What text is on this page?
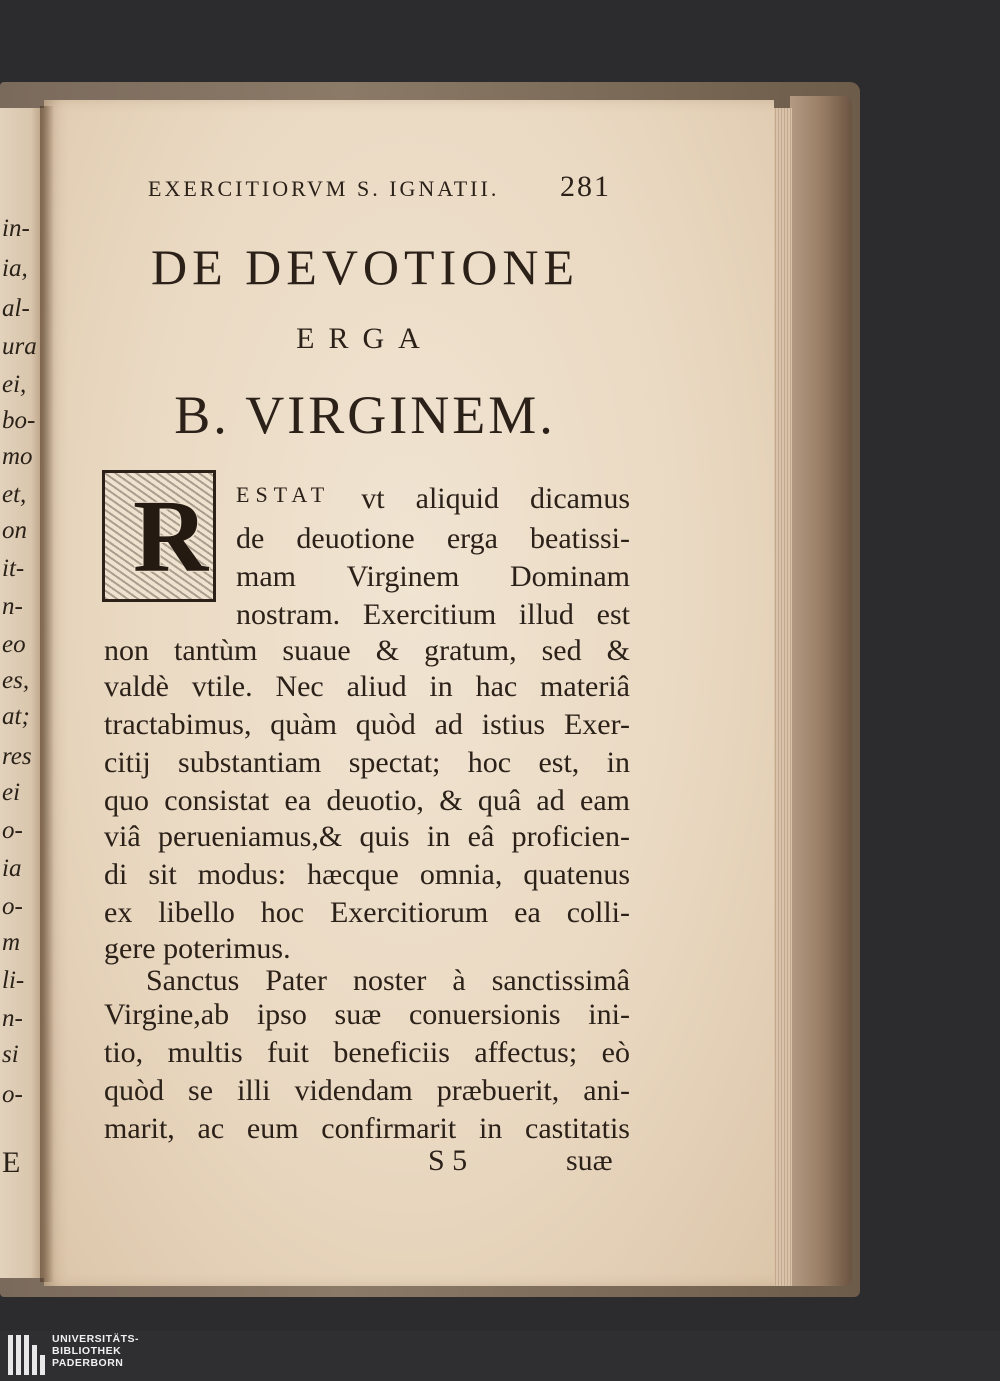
in-
ia,
al-
ura
ei,
bo-
mo
et,
on
it-
n-
eo
es,
at;
res
ei
o-
ia
o-
m
li-
n-
si
o-
E
EXERCITIORVM S. IGNATII. 281
DE DEVOTIONE
ERGA
B. VIRGINEM.
R ESTAT vt aliquid dicamus
de deuotione erga beatissi-
mam Virginem Dominam
nostram. Exercitium illud est
non tantùm suaue & gratum, sed &
valdè vtile. Nec aliud in hac materiâ
tractabimus, quàm quòd ad istius Exer-
citij substantiam spectat; hoc est, in
quo consistat ea deuotio, & quâ ad eam
viâ perueniamus,& quis in eâ proficien-
di sit modus: hæcque omnia, quatenus
ex libello hoc Exercitiorum ea colli-
gere poterimus.
Sanctus Pater noster à sanctissimâ
Virgine,ab ipso suæ conuersionis ini-
tio, multis fuit beneficiis affectus; eò
quòd se illi videndam præbuerit, ani-
marit, ac eum confirmarit in castitatis
S 5	suæ
UNIVERSITÄTS-
BIBLIOTHEK
PADERBORN
